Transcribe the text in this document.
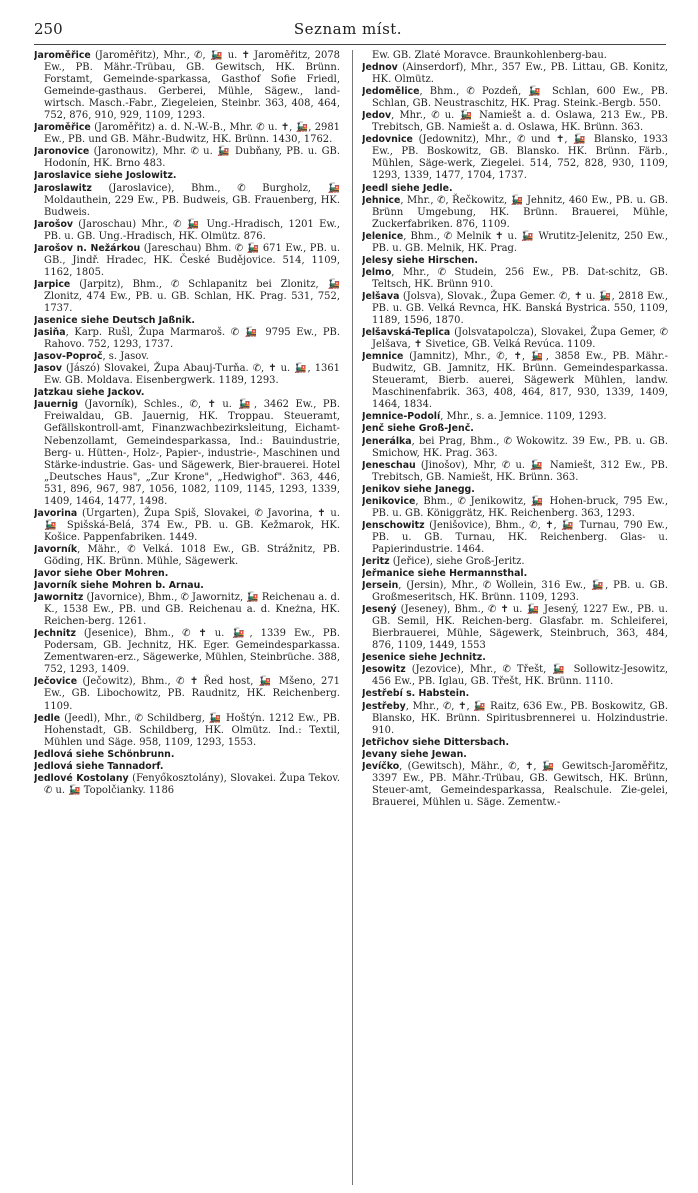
250	Seznam míst.
Jaroměřice (Jaroměřitz), Mhr., ✆, 🚂 u. ✝ Jaroměřitz, 2078 Ew., PB. Mähr.-Trübau, GB. Gewitsch, HK. Brünn. Forstamt, Gemeinde-sparkassa, Gasthof Sofie Friedl, Gemeinde-gasthaus. Gerberei, Mühle, Sägew., land-wirtsch. Masch.-Fabr., Ziegeleien, Steinbr. 363, 408, 464, 752, 876, 910, 929, 1109, 1293.
Jaroměřice (Jaroměřitz) a. d. N.-W.-B., Mhr. ✆ u. ✝, 🚂, 2981 Ew., PB. und GB. Mähr.-Budwitz, HK. Brünn. 1430, 1762.
Jaronovice (Jaronowitz), Mhr. ✆ u. 🚂 Dubňany, PB. u. GB. Hodonín, HK. Brno 483.
Jaroslavice siehe Joslowitz.
Jaroslawitz (Jaroslavice), Bhm., ✆ Burgholz, 🚂 Moldauthein, 229 Ew., PB. Budweis, GB. Frauenberg, HK. Budweis.
Jarošov (Jaroschau) Mhr., ✆ 🚂 Ung.-Hradisch, 1201 Ew., PB. u. GB. Ung.-Hradisch, HK. Olmütz. 876.
Jarošov n. Nežárkou (Jareschau) Bhm. ✆ 🚂 671 Ew., PB. u. GB., Jindř. Hradec, HK. České Budějovice. 514, 1109, 1162, 1805.
Jarpice (Jarpitz), Bhm., ✆ Schlapanitz bei Zlonitz, 🚂 Zlonitz, 474 Ew., PB. u. GB. Schlan, HK. Prag. 531, 752, 1737.
Jasenice siehe Deutsch Jaßnik.
Jasiňa, Karp. Rušl, Župa Marmaroš. ✆ 🚂 9795 Ew., PB. Rahovo. 752, 1293, 1737.
Jasov-Poproč, s. Jasov.
Jasov (Jászó) Slovakei, Župa Abauj-Turňa. ✆, ✝ u. 🚂, 1361 Ew. GB. Moldava. Eisenbergwerk. 1189, 1293.
Jatzkau siehe Jackov.
Jauernig (Javorník), Schles., ✆, ✝ u. 🚂, 3462 Ew., PB. Freiwaldau, GB. Jauernig, HK. Troppau. Steueramt, Gefällskontroll-amt, Finanzwachbezirksleitung, Eichamt-Nebenzollamt, Gemeindesparkassa, Ind.: Bauindustrie, Berg- u. Hütten-, Holz-, Papier-, industrie-, Maschinen und Stärke-industrie. Gas- und Sägewerk, Bier-brauerei. Hotel „Deutsches Haus", „Zur Krone", „Hedwighof". 363, 446, 531, 896, 967, 987, 1056, 1082, 1109, 1145, 1293, 1339, 1409, 1464, 1477, 1498.
Javorina (Urgarten), Župa Spiš, Slovakei, ✆ Javorina, ✝ u. 🚂 Spišská-Belá, 374 Ew., PB. u. GB. Kežmarok, HK. Košice. Pappenfabriken. 1449.
Javorník, Mähr., ✆ Velká. 1018 Ew., GB. Strážnitz, PB. Göding, HK. Brünn. Mühle, Sägewerk.
Javor siehe Ober Mohren.
Javorník siehe Mohren b. Arnau.
Jawornitz (Javornice), Bhm., ✆ Jawornitz, 🚂 Reichenau a. d. K., 1538 Ew., PB. und GB. Reichenau a. d. Kneżna, HK. Reichen-berg. 1261.
Jechnitz (Jesenice), Bhm., ✆ ✝ u. 🚂, 1339 Ew., PB. Podersam, GB. Jechnitz, HK. Eger. Gemeindesparkassa. Zementwaren-erz., Sägewerke, Mühlen, Steinbrüche. 388, 752, 1293, 1409.
Ječovice (Ječowitz), Bhm., ✆ ✝ Řed host, 🚂 Mšeno, 271 Ew., GB. Libochowitz, PB. Raudnitz, HK. Reichenberg. 1109.
Jedle (Jeedl), Mhr., ✆ Schildberg, 🚂 Hoštýn. 1212 Ew., PB. Hohenstadt, GB. Schildberg, HK. Olmütz. Ind.: Textil, Mühlen und Säge. 958, 1109, 1293, 1553.
Jedlová siehe Schönbrunn.
Jedlová siehe Tannadorf.
Jedlové Kostolany (Fenyőkosztolány), Slovakei. Župa Tekov. ✆ u. 🚂 Topolčianky. 1186
Ew. GB. Zlaté Moravce. Braunkohlenberg-bau.
Jednov (Ainserdorf), Mhr., 357 Ew., PB. Littau, GB. Konitz, HK. Olmütz.
Jedomělice, Bhm., ✆ Pozdeň, 🚂 Schlan, 600 Ew., PB. Schlan, GB. Neustraschitz, HK. Prag. Steink.-Bergb. 550.
Jedov, Mhr., ✆ u. 🚂 Namiešt a. d. Oslawa, 213 Ew., PB. Trebitsch, GB. Namiešt a. d. Oslawa, HK. Brünn. 363.
Jedovnice (Jedownitz), Mhr., ✆ und ✝, 🚂 Blansko, 1933 Ew., PB. Boskowitz, GB. Blansko. HK. Brünn. Färb., Mühlen, Säge-werk, Ziegelei. 514, 752, 828, 930, 1109, 1293, 1339, 1477, 1704, 1737.
Jeedl siehe Jedle.
Jehnice, Mhr., ✆, Řečkowitz, 🚂 Jehnitz, 460 Ew., PB. u. GB. Brünn Umgebung, HK. Brünn. Brauerei, Mühle, Zuckerfabriken. 876, 1109.
Jelenice, Bhm., ✆ Melnik ✝ u. 🚂 Wrutitz-Jelenitz, 250 Ew., PB. u. GB. Melnik, HK. Prag.
Jelesy siehe Hirschen.
Jelmo, Mhr., ✆ Studein, 256 Ew., PB. Dat-schitz, GB. Teltsch, HK. Brünn 910.
Jelšava (Jolsva), Slovak., Župa Gemer. ✆, ✝ u. 🚂, 2818 Ew., PB. u. GB. Velká Revnca, HK. Banská Bystrica. 550, 1109, 1189, 1596, 1870.
Jelšavská-Teplica (Jolsvatapolcza), Slovakei, Župa Gemer, ✆ Jelšava, ✝ Sivetice, GB. Velká Revúca. 1109.
Jemnice (Jamnitz), Mhr., ✆, ✝, 🚂, 3858 Ew., PB. Mähr.-Budwitz, GB. Jamnitz, HK. Brünn. Gemeindesparkassa. Steueramt, Bierb. auerei, Sägewerk Mühlen, landw. Maschinenfabrik. 363, 408, 464, 817, 930, 1339, 1409, 1464, 1834.
Jemnice-Podolí, Mhr., s. a. Jemnice. 1109, 1293.
Jenč siehe Groß-Jenč.
Jenerálka, bei Prag, Bhm., ✆ Wokowitz. 39 Ew., PB. u. GB. Smichow, HK. Prag. 363.
Jeneschau (Jinošov), Mhr, ✆ u. 🚂 Namiešt, 312 Ew., PB. Trebitsch, GB. Namiešt, HK. Brünn. 363.
Jenikov siehe Janegg.
Jenikovice, Bhm., ✆ Jenikowitz, 🚂 Hohen-bruck, 795 Ew., PB. u. GB. Königgrätz, HK. Reichenberg. 363, 1293.
Jenschowitz (Jenišovice), Bhm., ✆, ✝, 🚂 Turnau, 790 Ew., PB. u. GB. Turnau, HK. Reichenberg. Glas- u. Papierindustrie. 1464.
Jeritz (Jeřice), siehe Groß-Jeritz.
Jeřmanice siehe Hermannsthal.
Jersein, (Jersin), Mhr., ✆ Wollein, 316 Ew., 🚂, PB. u. GB. Großmeseritsch, HK. Brünn. 1109, 1293.
Jesený (Jeseney), Bhm., ✆ ✝ u. 🚂 Jesený, 1227 Ew., PB. u. GB. Semil, HK. Reichen-berg. Glasfabr. m. Schleiferei, Bierbrauerei, Mühle, Sägewerk, Steinbruch, 363, 484, 876, 1109, 1449, 1553
Jesenice siehe Jechnitz.
Jesowitz (Jezovice), Mhr., ✆ Třešt, 🚂 Sollowitz-Jesowitz, 456 Ew., PB. Iglau, GB. Třešt, HK. Brünn. 1110.
Jestřebí s. Habstein.
Jestřeby, Mhr., ✆, ✝, 🚂 Raitz, 636 Ew., PB. Boskowitz, GB. Blansko, HK. Brünn. Spiritusbrennerei u. Holzindustrie. 910.
Jetřichov siehe Dittersbach.
Jevany siehe Jewan.
Jevíčko, (Gewitsch), Mähr., ✆, ✝, 🚂 Gewitsch-Jaroměřitz, 3397 Ew., PB. Mähr.-Trübau, GB. Gewitsch, HK. Brünn, Steuer-amt, Gemeindesparkassa, Realschule. Zie-gelei, Brauerei, Mühlen u. Säge. Zementw.-
